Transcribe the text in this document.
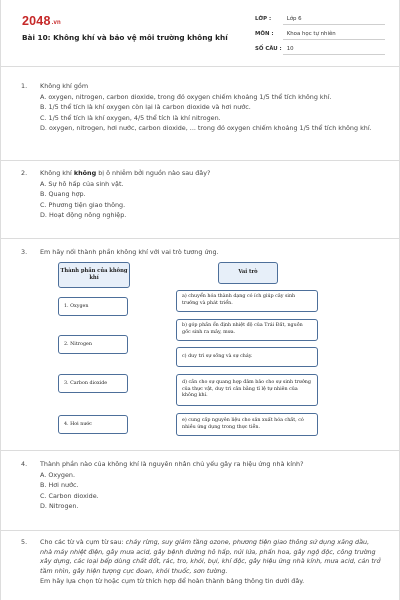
2048.vn
Bài 10: Không khí và bảo vệ môi trường không khí
LỚP :	Lớp 6
MÔN : Khoa học tự nhiên
SỐ CÂU : 10
1. Không khí gồm

A. oxygen, nitrogen, carbon dioxide, trong đó oxygen chiếm khoảng 1/5 thể tích không khí.

B. 1/5 thể tích là khí oxygen còn lại là carbon dioxide và hơi nước.

C. 1/5 thể tích là khí oxygen, 4/5 thể tích là khí nitrogen.

D. oxygen, nitrogen, hơi nước, carbon dioxide, ... trong đó oxygen chiếm khoảng 1/5 thể tích không khí.

2. Không khí không bị ô nhiễm bởi nguồn nào sau đây?

A. Sự hô hấp của sinh vật.

B. Quang hợp.

C. Phương tiện giao thông.

D. Hoạt động nông nghiệp.

3. Em hãy nối thành phần không khí với vai trò tương ứng.

Thành phần của không khí
Vai trò
1. Oxygen
2. Nitrogen
3. Carbon dioxide
4. Hơi nước
a) chuyển hóa thành dạng có ích giúp cây sinh trưởng và phát triển.
b) góp phần ổn định nhiệt độ của Trái Đất, nguồn gốc sinh ra mây, mưa.
c) duy trì sự sống và sự cháy.
d) cần cho sự quang hợp đảm bảo cho sự sinh trưởng của thực vật, duy trì cân bằng tỉ lệ tự nhiên của không khí.
e) cung cấp nguyên liệu cho sản xuất hóa chất, có nhiều ứng dụng trong thực tiễn.
4. Thành phần nào của không khí là nguyên nhân chủ yếu gây ra hiệu ứng nhà kính?

A. Oxygen.

B. Hơi nước.

C. Carbon dioxide.

D. Nitrogen.

5. Cho các từ và cụm từ sau: cháy rừng, suy giảm tầng ozone, phương tiện giao thông sử dụng xăng dầu, nhà máy nhiệt điện, gây mưa acid, gây bệnh đường hô hấp, núi lửa, phấn hoa, gây ngộ độc, công trường xây dựng, các loại bếp dùng chất đốt, rác, tro, khói, bụi, khí độc, gây hiệu ứng nhà kính, mưa acid, cản trở tầm nhìn, gây hiện tượng cực đoan, khói thuốc, sơn tường.

Em hãy lựa chọn từ hoặc cụm từ thích hợp để hoàn thành bảng thông tin dưới đây.
